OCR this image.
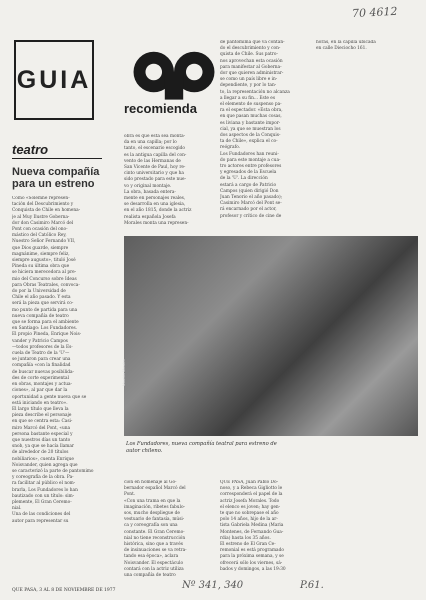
70 4612
GUIA
recomienda
teatro
Nueva compañía
para un estreno
Como «Solemne represen-
tación del Descubrimiento y
Conquista de Chile en homena-
je al Muy Ilustre Goberna-
dor don Casimiro Marcó del
Pont con ocasión del ono-
mástico del Católico Rey,
Nuestro Señor Fernando VII,
que Dios guarde, siempre
magnánime, siempre feliz,
siempre augusto», tituló José
Pineda su última obra que
se hiciera merecedora al pre-
mio del Concurso sobre Ideas
para Obras Teatrales, convoca-
do por la Universidad de
Chile el año pasado. Y esta
será la pieza que servirá co-
mo punto de partida para una
nueva compañía de teatro
que se forma para el ambiente
en Santiago: Los Fundadores.
El propio Pineda, Enrique Nois-
vander y Patricio Campos
—todos profesores de la Es-
cuela de Teatro de la 'U'—
se juntaron para crear una
compañía «con la finalidad
de buscar nuevas posibilida-
des de corte experimental
en obras, montajes y actua-
ciones», al par que dar la
oportunidad a gente nueva que se
está iniciando en teatro».
El largo título que lleva la
pieza describe el personaje
en que se centra esta: Casi-
miro Marcó del Pont, «una
persona bastante especial y
que nuestros días un tanto
snob, ya que se hacía llamar
de alrededor de 20 títulos
nobiliarios», cuenta Enrique
Noisvander, quien agrega que
se caracterizó la parte de pantomimo
y coreografía de la obra. Pa-
ra facilitar al público el nom-
brarla, Los Fundadores lo han
bautizado con un título: sim-
plemente, El Gran Ceremo-
nial.
Una de las condiciones del
autor para representar su
obra es que ésta sea monta-
da en una capilla; por lo
tanto, el escenario escogido
es la antigua capilla del con-
vento de las Hermanas de
San Vicente de Paul, hoy re-
cinto universitario y que ha
sido prestado para este nue-
vo y original montaje.
La obra, basada entera-
mente en personajes reales,
se desarrolla en una iglesia,
en el año 1815, donde la actriz
realista española Josefa
Morales monta una represen-
de pantomima que va contan-
do el descubrimiento y con-
quista de Chile. Sus patro-
nos aprovechan esta ocasión
para manifestar al Goberna-
dor que quieren administrar-
se como un país libre e in-
dependiente, y por lo tan-
to, la representación no alcanza
a llegar a su fin... Este es
el elemento de suspenso pa-
ra el espectador. «Esta obra,
en que pasan muchas cosas,
es liviana y bastante impor-
cial, ya que se muestran los
dos aspectos de la Conquis-
ta de Chile», explica el co-
reógrafo.
Los Fundadores han reuni-
do para este montaje a cua-
tro actores entre profesores
y egresados de la Escuela
de la 'U'. La dirección
estará a cargo de Patricio
Campos (quien dirigió Don
Juan Tenorio el año pasado);
Casimiro Marcó del Pont se-
rá encarnado por el actor,
profesor y crítico de cine de
horas, en la capilla ubicada
en calle Dieciocho 161.
Mauricio Morales
Los Fundadores, nueva compañía teatral para estreno de
autor chileno.
ción en homenaje al Go-
bernador español Marcó del
Pont.
«Con una trama en que la
imaginación, ribetes fabulo-
sos, mucho despliegue de
vestuario de fantasía, músi-
ca y coreografía son una
constante. El Gran Ceremo-
nial no tiene reconstrucción
histórica, sino que a través
de insinuaciones se va retra-
tando esa época», aclara
Noisvander. El espectáculo
contará con la actriz utiliza
una compañía de teatro
QUE PASA, Juan Pablo Do-
noso, y a Rebeca Gigliotto le
corresponderá el papel de la
actriz Josefa Morales. Todo
el elenco es joven; hay gen-
te que no sobrepase el año
polo 14 años, hijo de la ar-
tista Gabriela Medina (Maria
Montenes, de Fernando Gua-
rdia) hasta los 35 años.
El estreno de El Gran Ce-
remonial es está programado
para la próxima semana, y se
ofrecerá sólo los viernes, sá-
bados y domingos, a las 19:30
QUE PASA, 3 AL 8 DE NOVIEMBRE DE 1977	Nº 341, 340	P.61.
